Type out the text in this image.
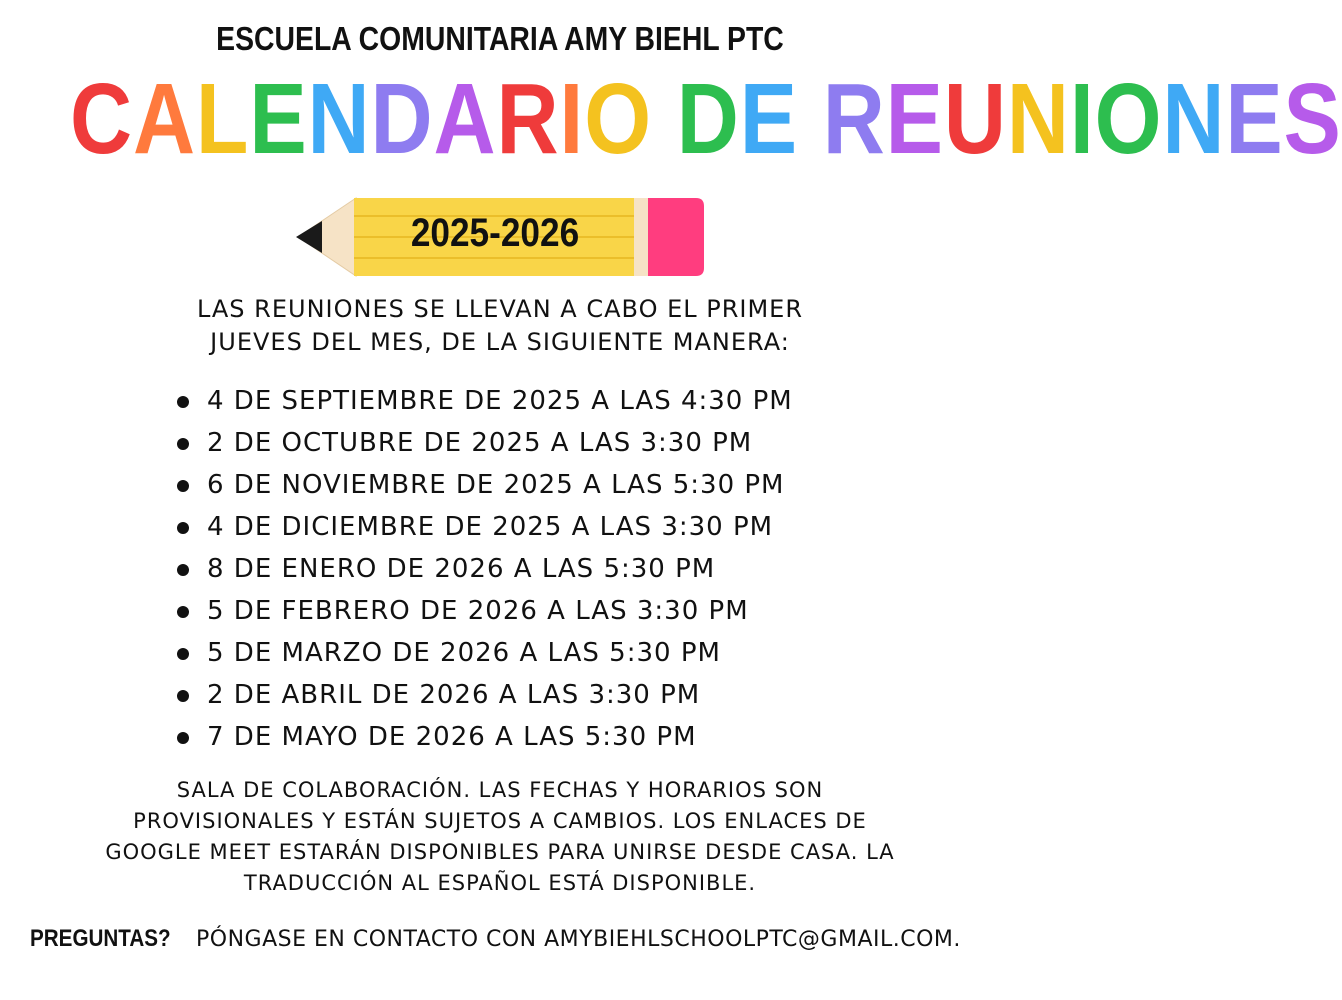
ESCUELA COMUNITARIA AMY BIEHL PTC
CALENDARIO DE REUNIONES
2025-2026
LAS REUNIONES SE LLEVAN A CABO EL PRIMER
JUEVES DEL MES, DE LA SIGUIENTE MANERA:
4 DE SEPTIEMBRE DE 2025 A LAS 4:30 PM
2 DE OCTUBRE DE 2025 A LAS 3:30 PM
6 DE NOVIEMBRE DE 2025 A LAS 5:30 PM
4 DE DICIEMBRE DE 2025 A LAS 3:30 PM
8 DE ENERO DE 2026 A LAS 5:30 PM
5 DE FEBRERO DE 2026 A LAS 3:30 PM
5 DE MARZO DE 2026 A LAS 5:30 PM
2 DE ABRIL DE 2026 A LAS 3:30 PM
7 DE MAYO DE 2026 A LAS 5:30 PM
SALA DE COLABORACIÓN. LAS FECHAS Y HORARIOS SON
PROVISIONALES Y ESTÁN SUJETOS A CAMBIOS. LOS ENLACES DE
GOOGLE MEET ESTARÁN DISPONIBLES PARA UNIRSE DESDE CASA. LA
TRADUCCIÓN AL ESPAÑOL ESTÁ DISPONIBLE.
PREGUNTAS? PÓNGASE EN CONTACTO CON AMYBIEHLSCHOOLPTC@GMAIL.COM.
